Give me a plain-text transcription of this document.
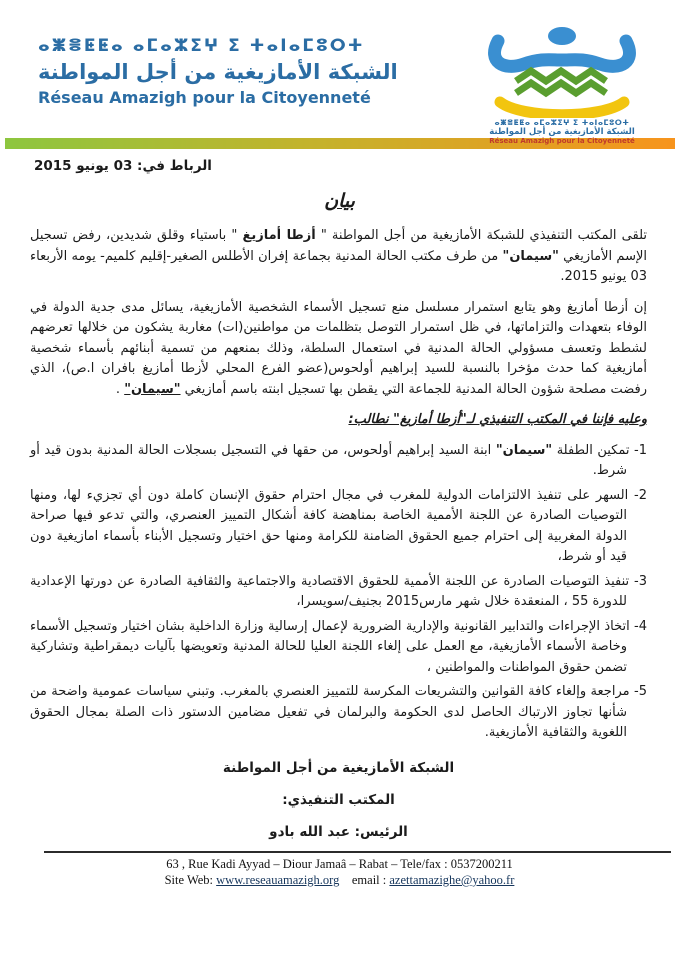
ⴰⵥⴻⵟⵟⴰ ⴰⵎⴰⵣⵉⵖ ⵉ ⵜⴰⵏⴰⵎⵓⵔⵜ
الشبكة الأمازيغية من أجل المواطنة
Réseau Amazigh pour la Citoyenneté
ⴰⵥⴻⵟⵟⴰ ⴰⵎⴰⵣⵉⵖ ⵉ ⵜⴰⵏⴰⵎⵓⵔⵜ
الشبكة الأمازيغية من أجل المواطنة
Réseau Amazigh pour la Citoyenneté
الرباط في: 03 يونيو 2015
بيان

تلقى المكتب التنفيذي للشبكة الأمازيغية من أجل المواطنة " أزطا أمازيغ " باستياء وقلق شديدين، رفض تسجيل الإسم الأمازيغي "سيمان" من طرف مكتب الحالة المدنية بجماعة إفران الأطلس الصغير-إقليم كلميم- يومه الأربعاء 03 يونيو 2015.

إن أزطا أمازيغ وهو يتابع استمرار مسلسل منع تسجيل الأسماء الشخصية الأمازيغية، يسائل مدى جدية الدولة في الوفاء بتعهدات والتزاماتها، في ظل استمرار التوصل بتظلمات من مواطنين(ات) مغاربة يشكون من خلالها تعرضهم لشطط وتعسف مسؤولي الحالة المدنية في استعمال السلطة، وذلك بمنعهم من تسمية أبنائهم بأسماء شخصية أمازيغية كما حدث مؤخرا بالنسبة للسيد إبراهيم أولحوس(عضو الفرع المحلي لأزطا أمازيغ بافران ا.ص)، الذي رفضت مصلحة شؤون الحالة المدنية للجماعة التي يقطن بها تسجيل ابنته باسم أمازيغي "سيمان" .

وعليه فإننا في المكتب التنفيذي لـ"أزطا أمازيغ" نطالب:
1- تمكين الطفلة "سيمان" ابنة السيد إبراهيم أولحوس، من حقها في التسجيل بسجلات الحالة المدنية بدون قيد أو شرط.
2- السهر على تنفيذ الالتزامات الدولية للمغرب في مجال احترام حقوق الإنسان كاملة دون أي تجزيء لها، ومنها التوصيات الصادرة عن اللجنة الأممية الخاصة بمناهضة كافة أشكال التمييز العنصري، والتي تدعو فيها صراحة الدولة المغربية إلى احترام جميع الحقوق الضامنة للكرامة ومنها حق اختيار وتسجيل الأبناء بأسماء امازيغية دون قيد أو شرط،
3- تنفيذ التوصيات الصادرة عن اللجنة الأممية للحقوق الاقتصادية والاجتماعية والثقافية الصادرة عن دورتها الإعدادية للدورة 55 ، المنعقدة خلال شهر مارس2015 بجنيف/سويسرا،
4- اتخاذ الإجراءات والتدابير القانونية والإدارية الضرورية لإعمال إرسالية وزارة الداخلية بشان اختيار وتسجيل الأسماء وخاصة الأسماء الأمازيغية، مع العمل على إلغاء اللجنة العليا للحالة المدنية وتعويضها بآليات ديمقراطية وتشاركية تضمن حقوق المواطنات والمواطنين ،
5- مراجعة وإلغاء كافة القوانين والتشريعات المكرسة للتمييز العنصري بالمغرب. وتبني سياسات عمومية واضحة من شأنها تجاوز الارتباك الحاصل لدى الحكومة والبرلمان في تفعيل مضامين الدستور ذات الصلة بمجال الحقوق اللغوية والثقافية الأمازيغية.
الشبكة الأمازيغية من أجل المواطنة
المكتب التنفيذي:
الرئيس: عبد الله بادو
63 , Rue Kadi Ayyad – Diour Jamaâ – Rabat – Tele/fax : 0537200211
Site Web: www.reseauamazigh.org email : azettamazighe@yahoo.fr
